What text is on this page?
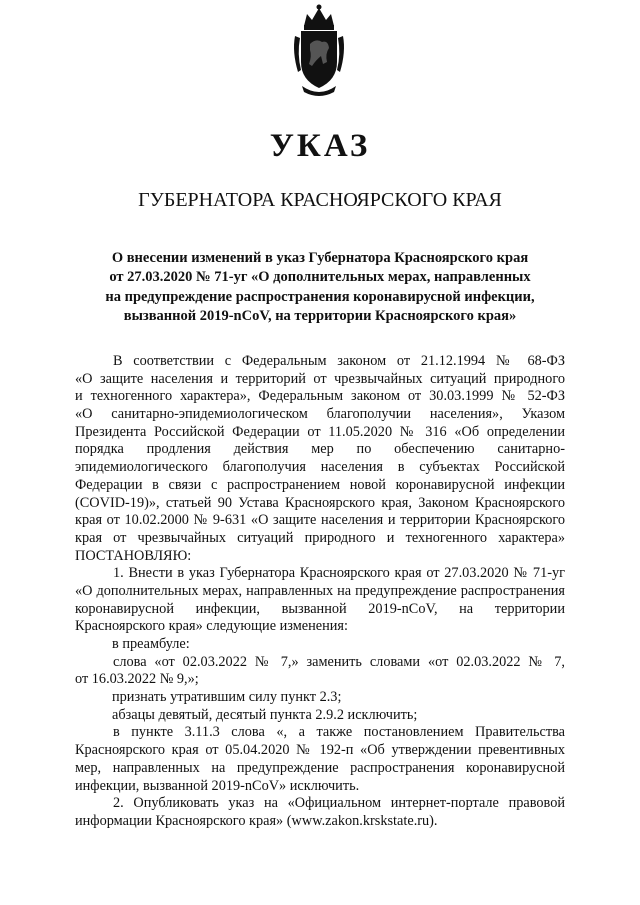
УКАЗ
ГУБЕРНАТОРА КРАСНОЯРСКОГО КРАЯ
О внесении изменений в указ Губернатора Красноярского края
от 27.03.2020 № 71-уг «О дополнительных мерах, направленных
на предупреждение распространения коронавирусной инфекции,
вызванной 2019-nCoV, на территории Красноярского края»
В соответствии с Федеральным законом от 21.12.1994 № 68-ФЗ
«О защите населения и территорий от чрезвычайных ситуаций природного
и техногенного характера», Федеральным законом от 30.03.1999 № 52-ФЗ
«О санитарно-эпидемиологическом благополучии населения», Указом
Президента Российской Федерации от 11.05.2020 № 316 «Об определении
порядка продления действия мер по обеспечению санитарно-
эпидемиологического благополучия населения в субъектах Российской
Федерации в связи с распространением новой коронавирусной инфекции
(COVID-19)», статьей 90 Устава Красноярского края, Законом Красноярского
края от 10.02.2000 № 9-631 «О защите населения и территории Красноярского
края от чрезвычайных ситуаций природного и техногенного характера»
ПОСТАНОВЛЯЮ:
1. Внести в указ Губернатора Красноярского края от 27.03.2020 № 71-уг
«О дополнительных мерах, направленных на предупреждение распространения
коронавирусной инфекции, вызванной 2019-nCoV, на территории
Красноярского края» следующие изменения:
в преамбуле:
слова «от 02.03.2022 № 7,» заменить словами «от 02.03.2022 № 7,
от 16.03.2022 № 9,»;
признать утратившим силу пункт 2.3;
абзацы девятый, десятый пункта 2.9.2 исключить;
в пункте 3.11.3 слова «, а также постановлением Правительства
Красноярского края от 05.04.2020 № 192-п «Об утверждении превентивных
мер, направленных на предупреждение распространения коронавирусной
инфекции, вызванной 2019-nCoV» исключить.
2. Опубликовать указ на «Официальном интернет-портале правовой
информации Красноярского края» (www.zakon.krskstate.ru).
